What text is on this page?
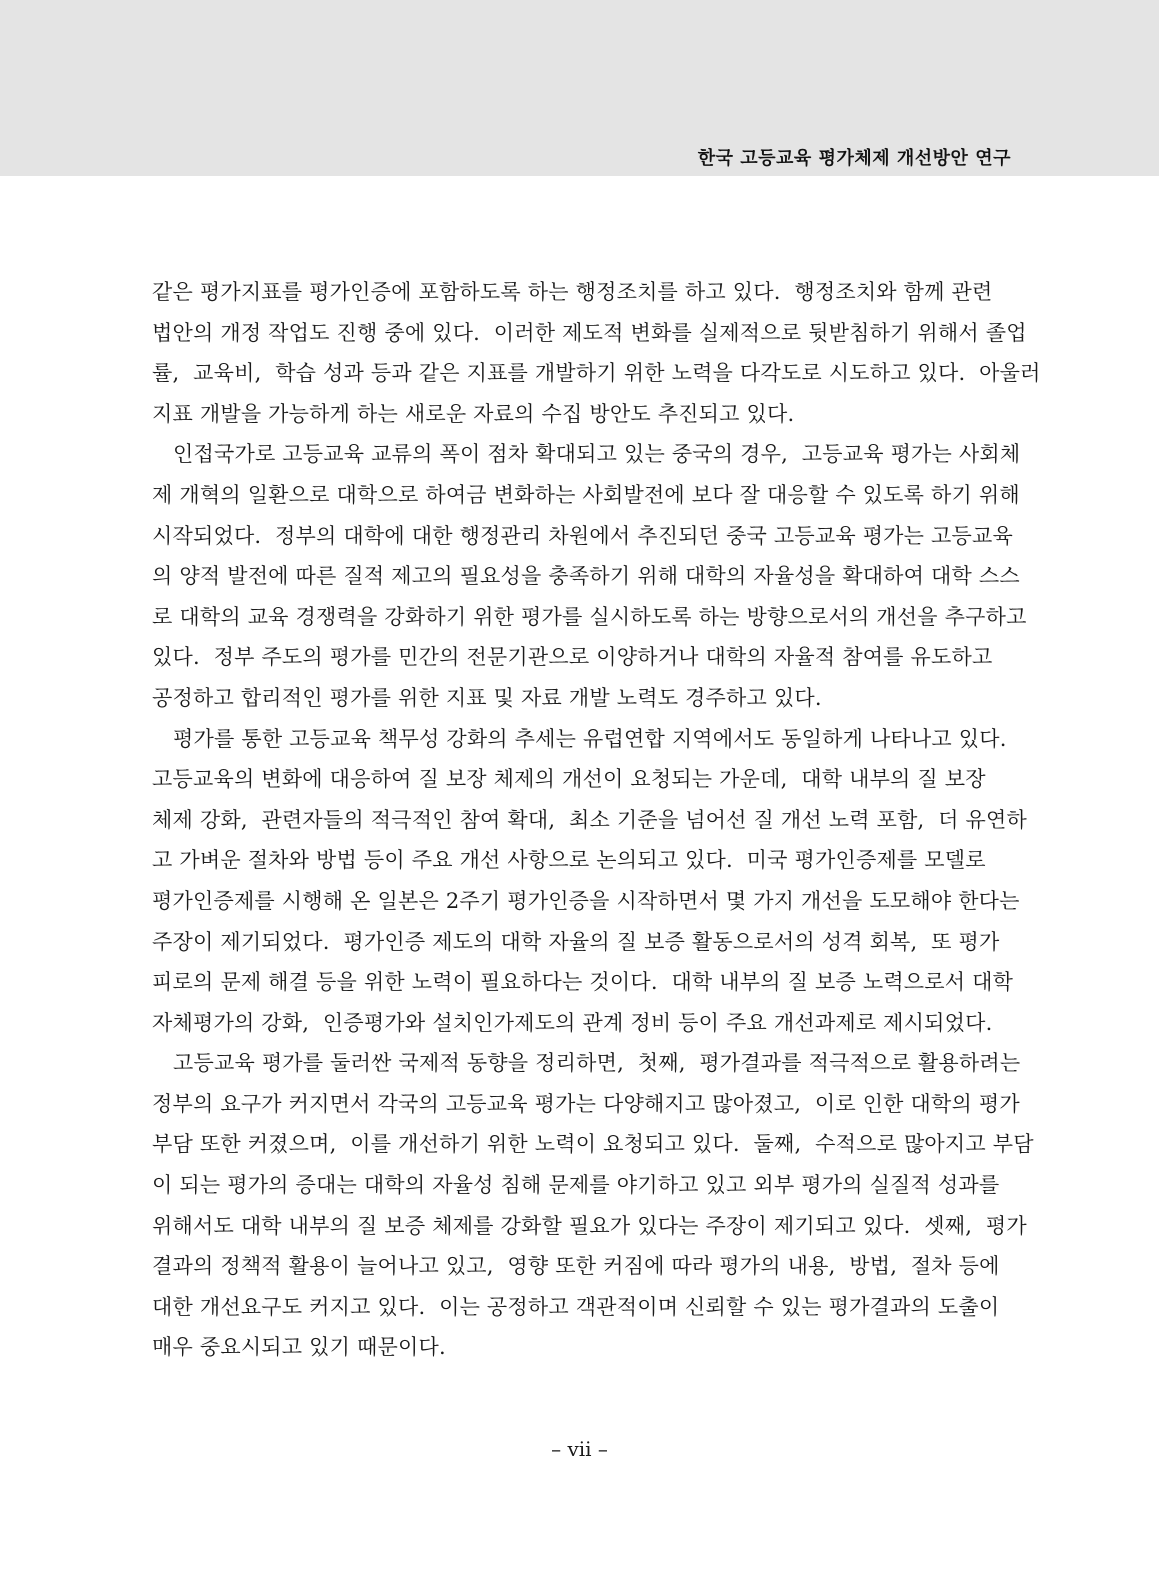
한국 고등교육 평가체제 개선방안 연구
같은 평가지표를 평가인증에 포함하도록 하는 행정조치를 하고 있다.  행정조치와 함께 관련
법안의 개정 작업도 진행 중에 있다.  이러한 제도적 변화를 실제적으로 뒷받침하기 위해서 졸업
률,  교육비,  학습 성과 등과 같은 지표를 개발하기 위한 노력을 다각도로 시도하고 있다.  아울러
지표 개발을 가능하게 하는 새로운 자료의 수집 방안도 추진되고 있다.
인접국가로 고등교육 교류의 폭이 점차 확대되고 있는 중국의 경우,  고등교육 평가는 사회체
제 개혁의 일환으로 대학으로 하여금 변화하는 사회발전에 보다 잘 대응할 수 있도록 하기 위해
시작되었다.  정부의 대학에 대한 행정관리 차원에서 추진되던 중국 고등교육 평가는 고등교육
의 양적 발전에 따른 질적 제고의 필요성을 충족하기 위해 대학의 자율성을 확대하여 대학 스스
로 대학의 교육 경쟁력을 강화하기 위한 평가를 실시하도록 하는 방향으로서의 개선을 추구하고
있다.  정부 주도의 평가를 민간의 전문기관으로 이양하거나 대학의 자율적 참여를 유도하고
공정하고 합리적인 평가를 위한 지표 및 자료 개발 노력도 경주하고 있다.
평가를 통한 고등교육 책무성 강화의 추세는 유럽연합 지역에서도 동일하게 나타나고 있다.
고등교육의 변화에 대응하여 질 보장 체제의 개선이 요청되는 가운데,  대학 내부의 질 보장
체제 강화,  관련자들의 적극적인 참여 확대,  최소 기준을 넘어선 질 개선 노력 포함,  더 유연하
고 가벼운 절차와 방법 등이 주요 개선 사항으로 논의되고 있다.  미국 평가인증제를 모델로
평가인증제를 시행해 온 일본은 2주기 평가인증을 시작하면서 몇 가지 개선을 도모해야 한다는
주장이 제기되었다.  평가인증 제도의 대학 자율의 질 보증 활동으로서의 성격 회복,  또 평가
피로의 문제 해결 등을 위한 노력이 필요하다는 것이다.  대학 내부의 질 보증 노력으로서 대학
자체평가의 강화,  인증평가와 설치인가제도의 관계 정비 등이 주요 개선과제로 제시되었다.
고등교육 평가를 둘러싼 국제적 동향을 정리하면,  첫째,  평가결과를 적극적으로 활용하려는
정부의 요구가 커지면서 각국의 고등교육 평가는 다양해지고 많아졌고,  이로 인한 대학의 평가
부담 또한 커졌으며,  이를 개선하기 위한 노력이 요청되고 있다.  둘째,  수적으로 많아지고 부담
이 되는 평가의 증대는 대학의 자율성 침해 문제를 야기하고 있고 외부 평가의 실질적 성과를
위해서도 대학 내부의 질 보증 체제를 강화할 필요가 있다는 주장이 제기되고 있다.  셋째,  평가
결과의 정책적 활용이 늘어나고 있고,  영향 또한 커짐에 따라 평가의 내용,  방법,  절차 등에
대한 개선요구도 커지고 있다.  이는 공정하고 객관적이며 신뢰할 수 있는 평가결과의 도출이
매우 중요시되고 있기 때문이다.
– vii –
